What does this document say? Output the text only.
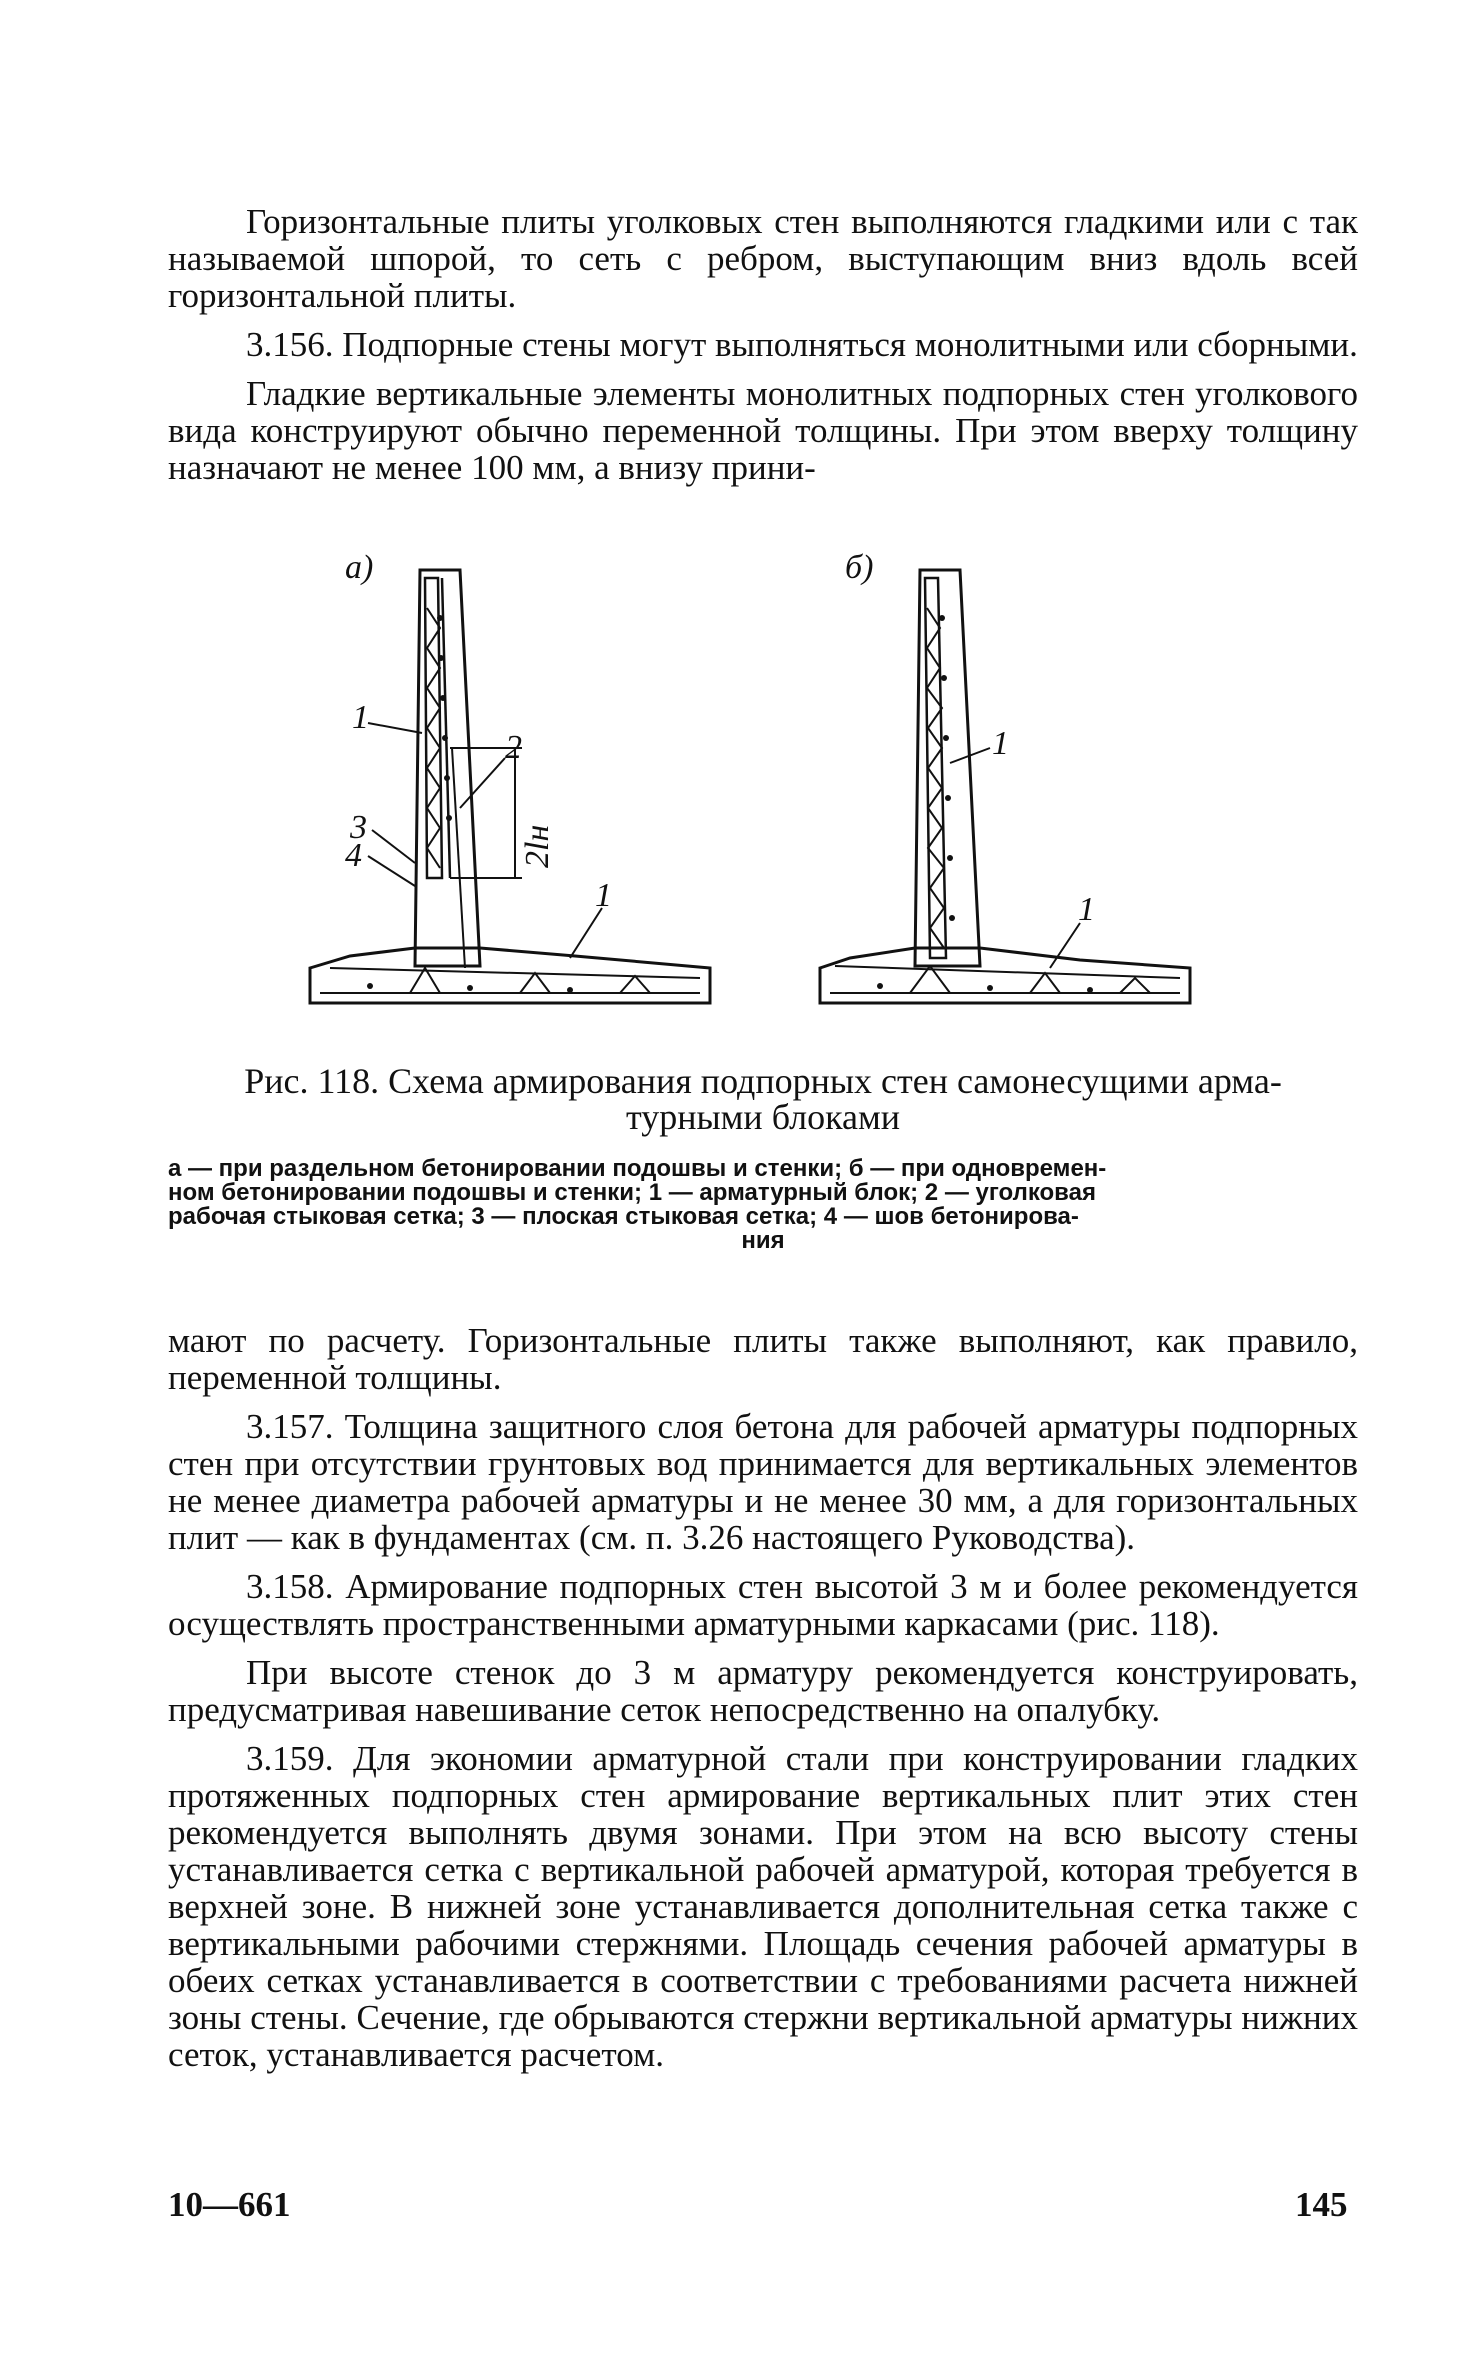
Горизонтальные плиты уголковых стен выполняются гладкими или с так называемой шпорой, то сеть с ребром, выступающим вниз вдоль всей горизонтальной плиты.

3.156. Подпорные стены могут выполняться монолитными или сборными.

Гладкие вертикальные элементы монолитных подпорных стен уголкового вида конструируют обычно переменной толщины. При этом вверху толщину назначают не менее 100 мм, а внизу прини-

а)	б)
1
2
3
4
1
2lн
1
1
Рис. 118. Схема армирования подпорных стен самонесущими арма-
турными блоками
а — при раздельном бетонировании подошвы и стенки; б — при одновремен-
ном бетонировании подошвы и стенки; 1 — арматурный блок; 2 — уголковая
рабочая стыковая сетка; 3 — плоская стыковая сетка; 4 — шов бетонирова-
ния

мают по расчету. Горизонтальные плиты также выполняют, как правило, переменной толщины.

3.157. Толщина защитного слоя бетона для рабочей арматуры подпорных стен при отсутствии грунтовых вод принимается для вертикальных элементов не менее диаметра рабочей арматуры и не менее 30 мм, а для горизонтальных плит — как в фундаментах (см. п. 3.26 настоящего Руководства).

3.158. Армирование подпорных стен высотой 3 м и более рекомендуется осуществлять пространственными арматурными каркасами (рис. 118).

При высоте стенок до 3 м арматуру рекомендуется конструировать, предусматривая навешивание сеток непосредственно на опалубку.

3.159. Для экономии арматурной стали при конструировании гладких протяженных подпорных стен армирование вертикальных плит этих стен рекомендуется выполнять двумя зонами. При этом на всю высоту стены устанавливается сетка с вертикальной рабочей арматурой, которая требуется в верхней зоне. В нижней зоне устанавливается дополнительная сетка также с вертикальными рабочими стержнями. Площадь сечения рабочей арматуры в обеих сетках устанавливается в соответствии с требованиями расчета нижней зоны стены. Сечение, где обрываются стержни вертикальной арматуры нижних сеток, устанавливается расчетом.

10—661	145
